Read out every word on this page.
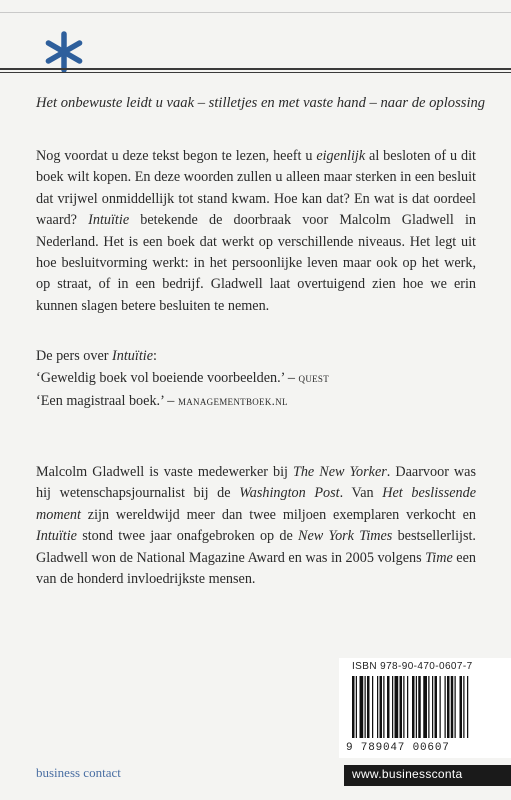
Het onbewuste leidt u vaak – stilletjes en met vaste hand – naar de oplossing

Nog voordat u deze tekst begon te lezen, heeft u eigenlijk al besloten of u dit boek wilt kopen. En deze woorden zullen u alleen maar sterken in een besluit dat vrijwel onmiddellijk tot stand kwam. Hoe kan dat? En wat is dat oordeel waard? Intuïtie betekende de doorbraak voor Malcolm Gladwell in Nederland. Het is een boek dat werkt op verschillende niveaus. Het legt uit hoe besluitvorming werkt: in het persoonlijke leven maar ook op het werk, op straat, of in een bedrijf. Gladwell laat overtuigend zien hoe we erin kunnen slagen betere besluiten te nemen.

De pers over Intuïtie:
‘Geweldig boek vol boeiende voorbeelden.’ – quest
‘Een magistraal boek.’ – managementboek.nl

Malcolm Gladwell is vaste medewerker bij The New Yorker. Daarvoor was hij wetenschapsjournalist bij de Washington Post. Van Het beslissende moment zijn wereldwijd meer dan twee miljoen exemplaren verkocht en Intuïtie stond twee jaar onafgebroken op de New York Times bestsellerlijst. Gladwell won de National Magazine Award en was in 2005 volgens Time een van de honderd invloedrijkste mensen.

ISBN 978-90-470-0607-7
9 789047 00607
business contact	www.businessconta
